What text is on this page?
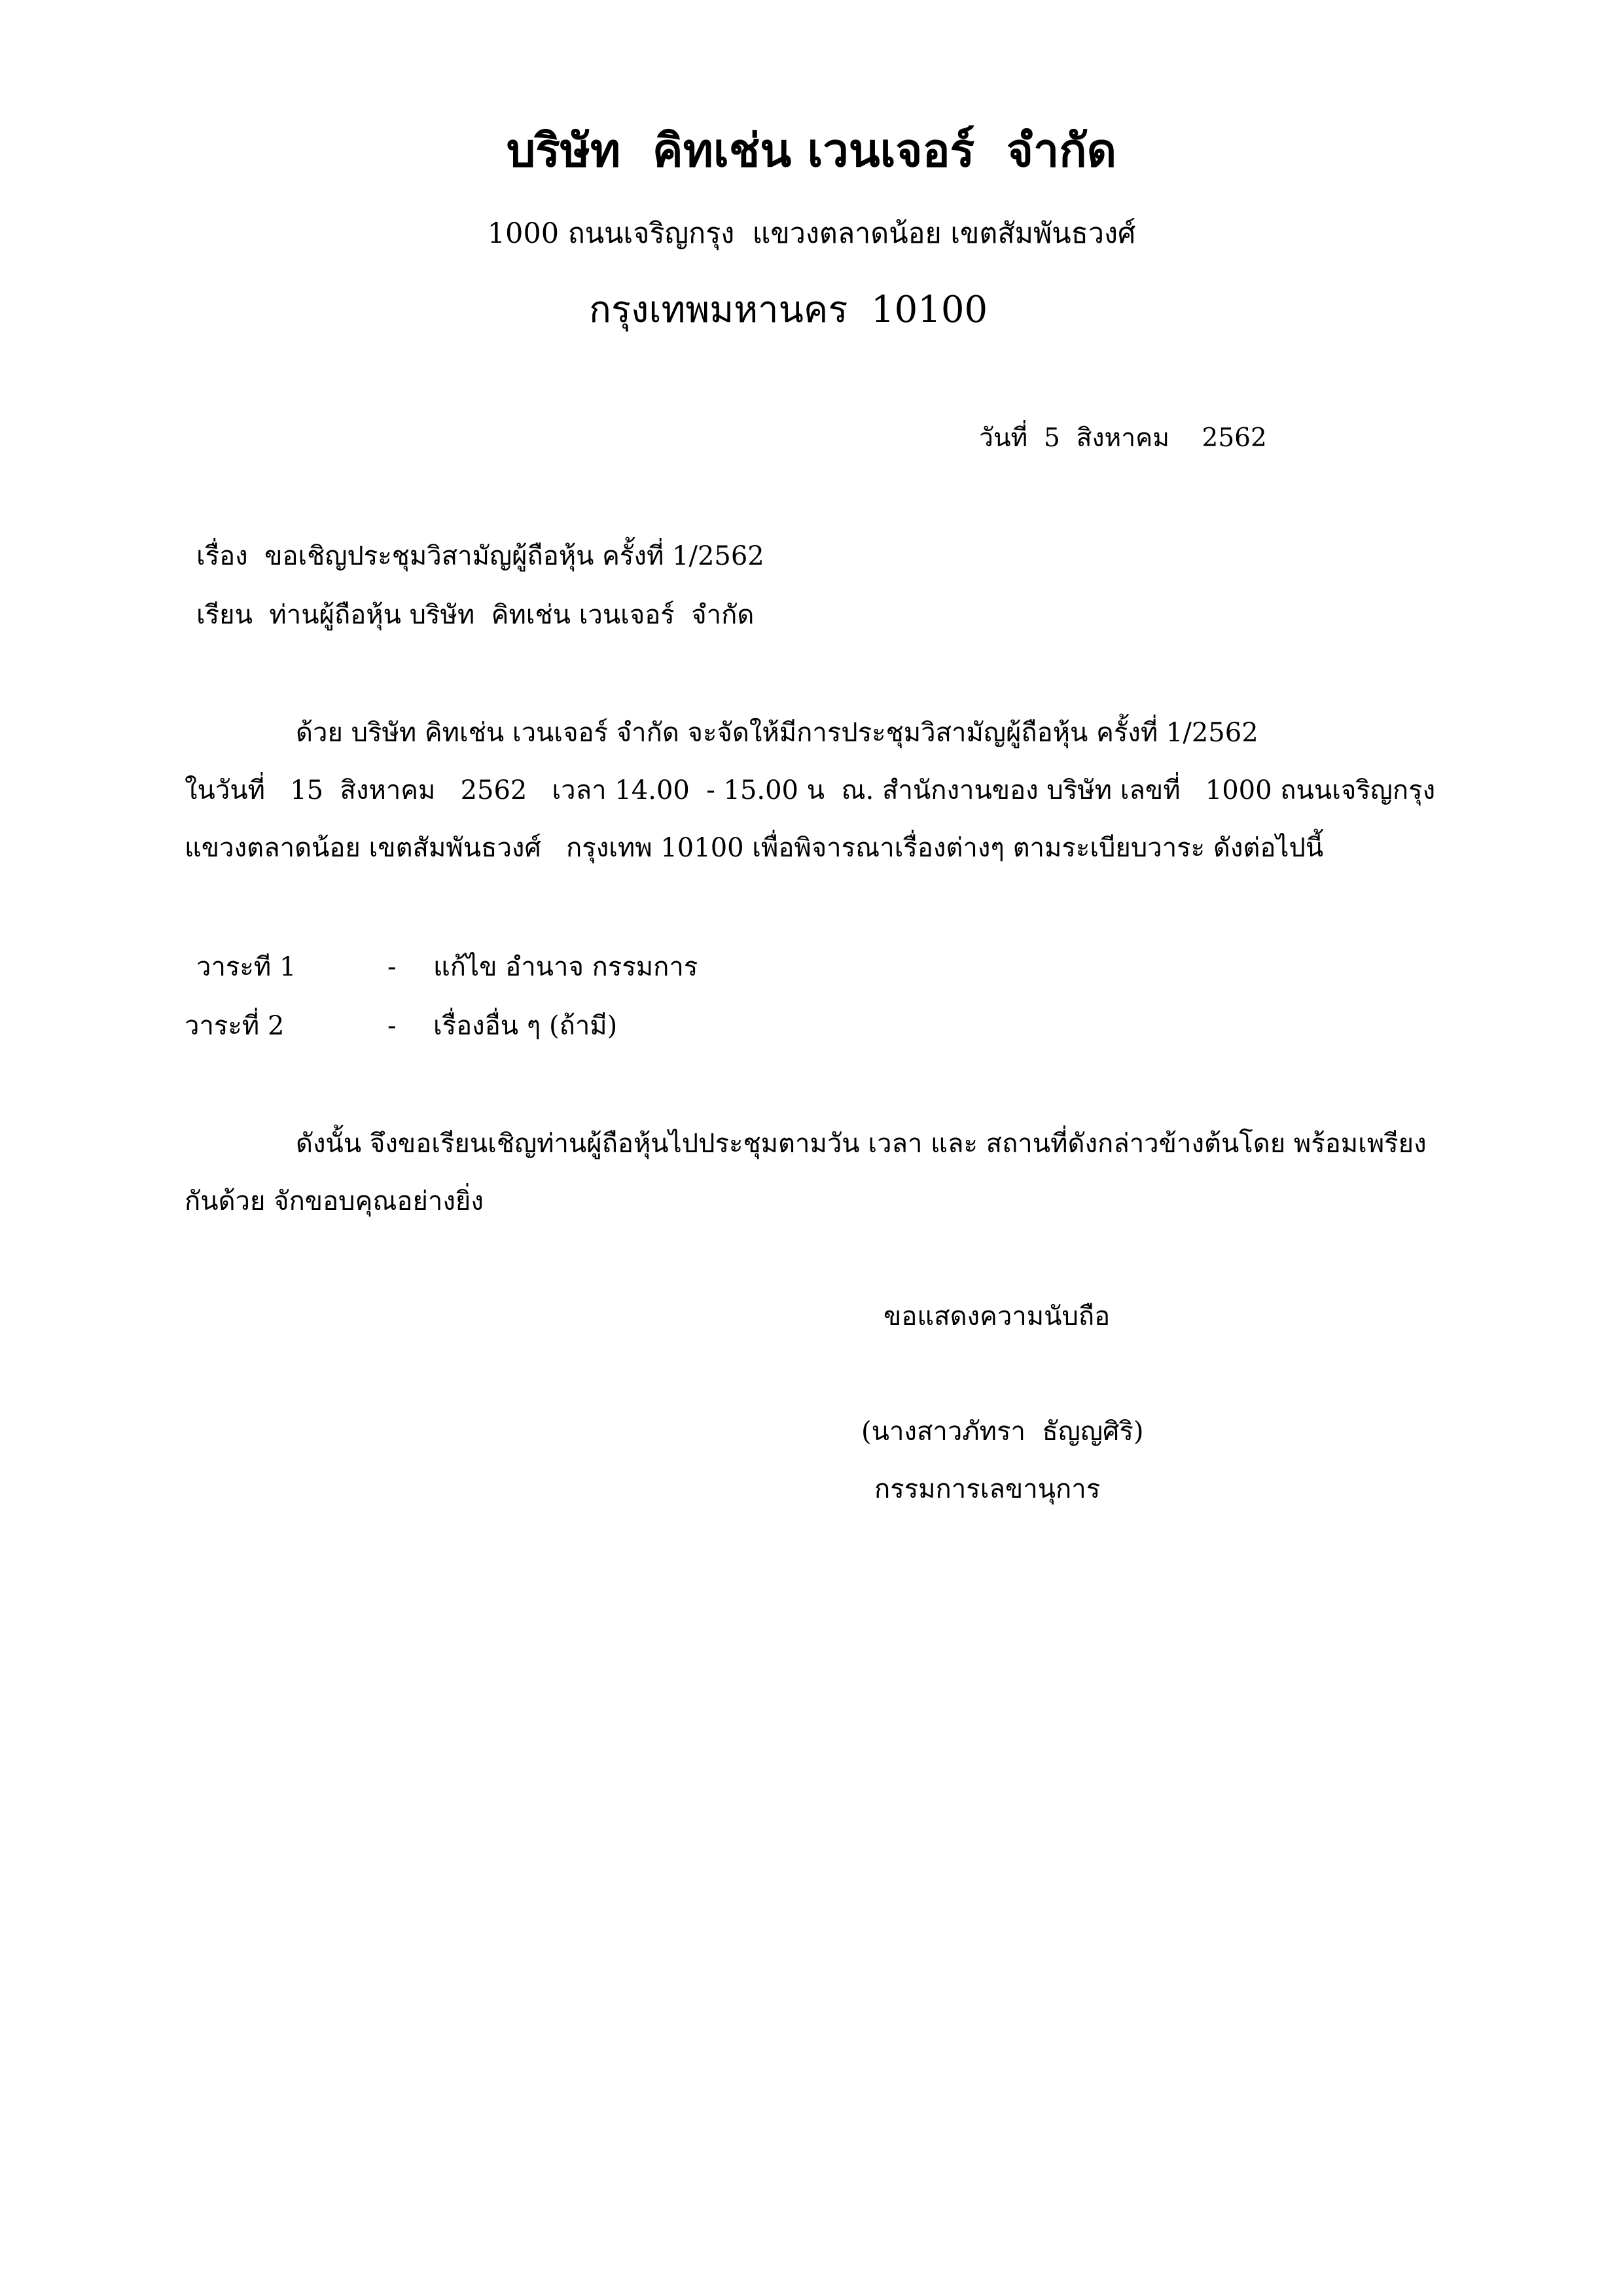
บริษัท  คิทเช่น เวนเจอร์  จำกัด
1000 ถนนเจริญกรุง  แขวงตลาดน้อย เขตสัมพันธวงศ์
กรุงเทพมหานคร  10100
วันที่  5  สิงหาคม    2562
เรื่อง  ขอเชิญประชุมวิสามัญผู้ถือหุ้น ครั้งที่ 1/2562
เรียน  ท่านผู้ถือหุ้น บริษัท  คิทเช่น เวนเจอร์  จำกัด
ด้วย บริษัท คิทเช่น เวนเจอร์ จำกัด จะจัดให้มีการประชุมวิสามัญผู้ถือหุ้น ครั้งที่ 1/2562
ในวันที่   15  สิงหาคม   2562   เวลา 14.00  - 15.00 น  ณ. สำนักงานของ บริษัท เลขที่   1000 ถนนเจริญกรุง
แขวงตลาดน้อย เขตสัมพันธวงศ์   กรุงเทพ 10100 เพื่อพิจารณาเรื่องต่างๆ ตามระเบียบวาระ ดังต่อไปนี้
วาระที 1	- แก้ไข อำนาจ กรรมการ
วาระที่ 2	- เรื่องอื่น ๆ (ถ้ามี)
ดังนั้น จึงขอเรียนเชิญท่านผู้ถือหุ้นไปประชุมตามวัน เวลา และ สถานที่ดังกล่าวข้างต้นโดย พร้อมเพรียง
กันด้วย จักขอบคุณอย่างยิ่ง
ขอแสดงความนับถือ
(นางสาวภัทรา  ธัญญศิริ)
กรรมการเลขานุการ
